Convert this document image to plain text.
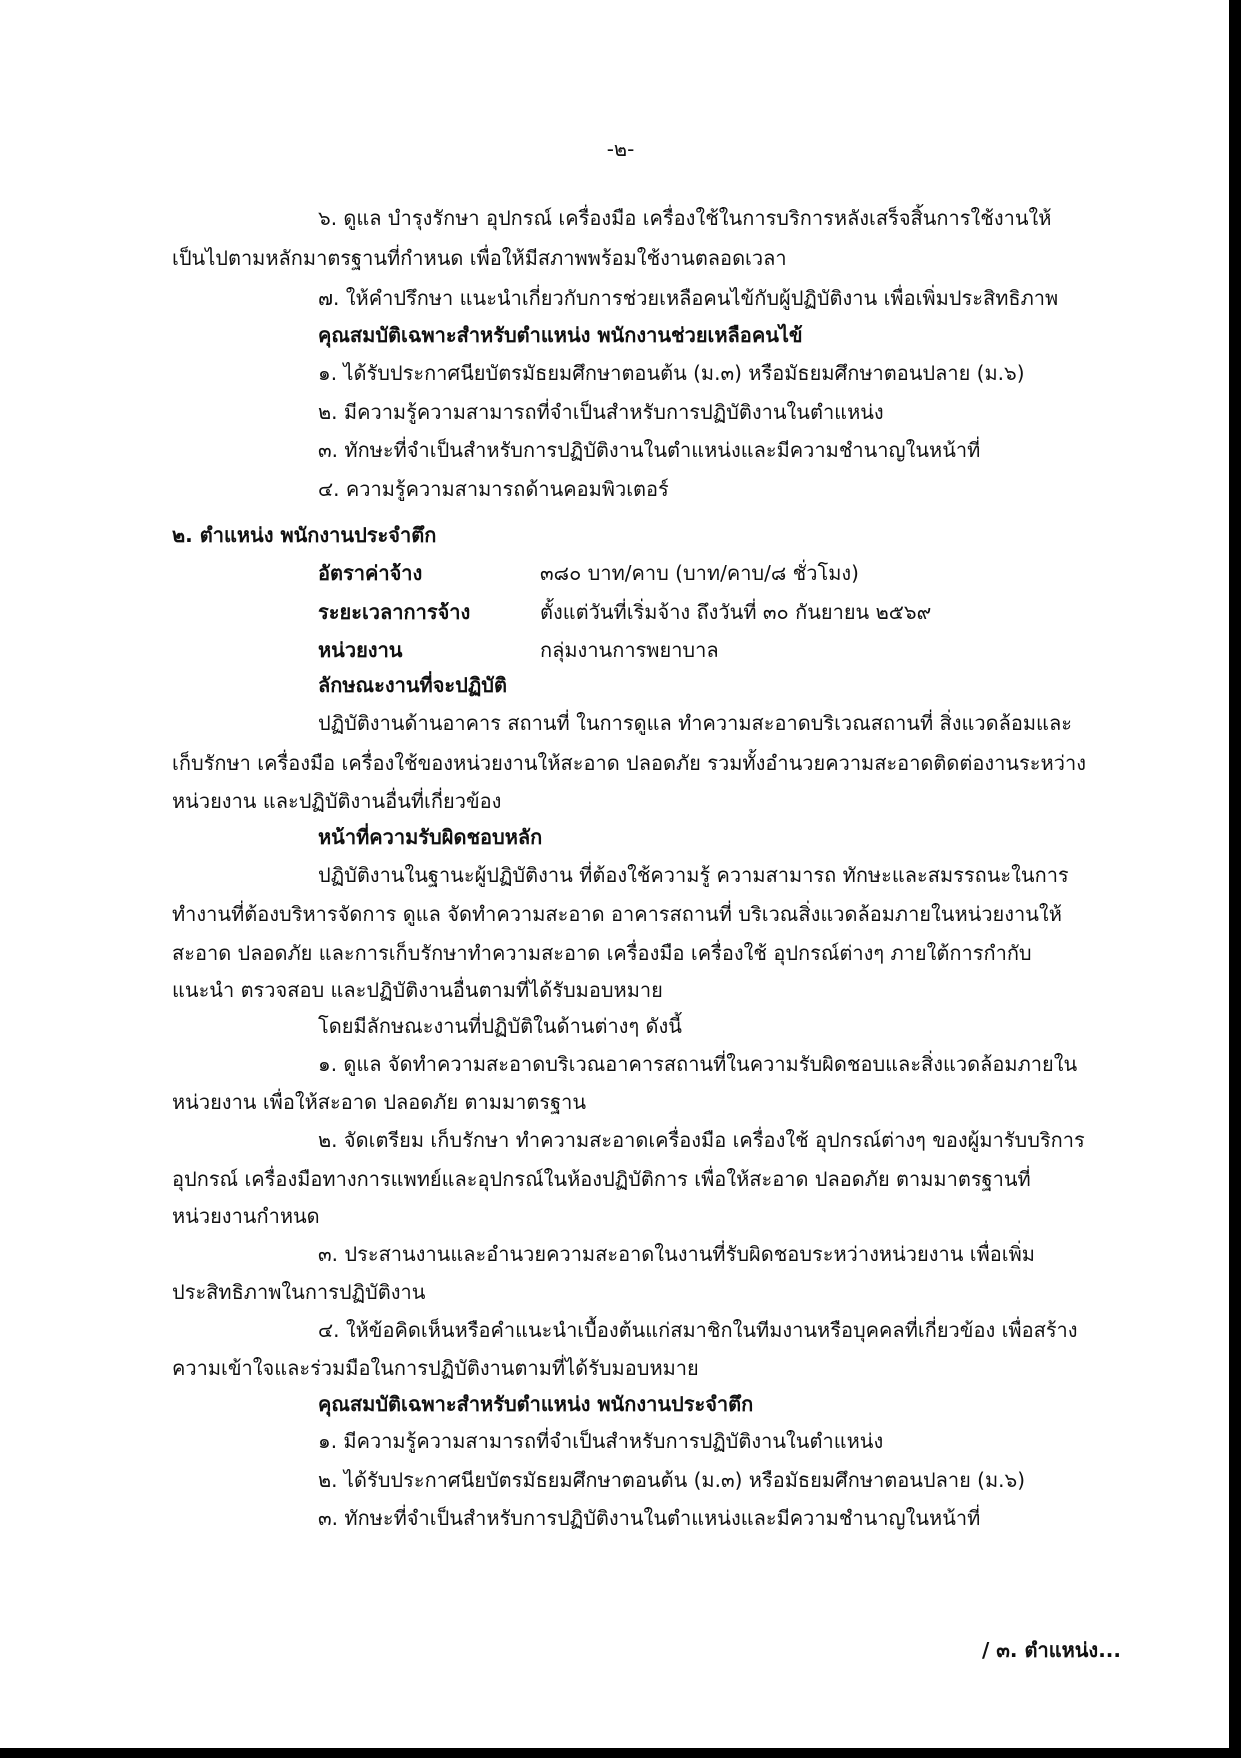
-๒-
๖. ดูแล บำรุงรักษา อุปกรณ์ เครื่องมือ เครื่องใช้ในการบริการหลังเสร็จสิ้นการใช้งานให้
เป็นไปตามหลักมาตรฐานที่กำหนด เพื่อให้มีสภาพพร้อมใช้งานตลอดเวลา
๗. ให้คำปรึกษา แนะนำเกี่ยวกับการช่วยเหลือคนไข้กับผู้ปฏิบัติงาน เพื่อเพิ่มประสิทธิภาพ
คุณสมบัติเฉพาะสำหรับตำแหน่ง พนักงานช่วยเหลือคนไข้
๑. ได้รับประกาศนียบัตรมัธยมศึกษาตอนต้น (ม.๓) หรือมัธยมศึกษาตอนปลาย (ม.๖)
๒. มีความรู้ความสามารถที่จำเป็นสำหรับการปฏิบัติงานในตำแหน่ง
๓. ทักษะที่จำเป็นสำหรับการปฏิบัติงานในตำแหน่งและมีความชำนาญในหน้าที่
๔. ความรู้ความสามารถด้านคอมพิวเตอร์
๒. ตำแหน่ง พนักงานประจำตึก
อัตราค่าจ้าง	๓๘๐ บาท/คาบ (บาท/คาบ/๘ ชั่วโมง)
ระยะเวลาการจ้าง	ตั้งแต่วันที่เริ่มจ้าง ถึงวันที่ ๓๐ กันยายน ๒๕๖๙
หน่วยงาน	กลุ่มงานการพยาบาล
ลักษณะงานที่จะปฏิบัติ
ปฏิบัติงานด้านอาคาร สถานที่ ในการดูแล ทำความสะอาดบริเวณสถานที่ สิ่งแวดล้อมและ
เก็บรักษา เครื่องมือ เครื่องใช้ของหน่วยงานให้สะอาด ปลอดภัย รวมทั้งอำนวยความสะอาดติดต่องานระหว่าง
หน่วยงาน และปฏิบัติงานอื่นที่เกี่ยวข้อง
หน้าที่ความรับผิดชอบหลัก
ปฏิบัติงานในฐานะผู้ปฏิบัติงาน ที่ต้องใช้ความรู้ ความสามารถ ทักษะและสมรรถนะในการ
ทำงานที่ต้องบริหารจัดการ ดูแล จัดทำความสะอาด อาคารสถานที่ บริเวณสิ่งแวดล้อมภายในหน่วยงานให้
สะอาด ปลอดภัย และการเก็บรักษาทำความสะอาด เครื่องมือ เครื่องใช้ อุปกรณ์ต่างๆ ภายใต้การกำกับ
แนะนำ ตรวจสอบ และปฏิบัติงานอื่นตามที่ได้รับมอบหมาย
โดยมีลักษณะงานที่ปฏิบัติในด้านต่างๆ ดังนี้
๑. ดูแล จัดทำความสะอาดบริเวณอาคารสถานที่ในความรับผิดชอบและสิ่งแวดล้อมภายใน
หน่วยงาน เพื่อให้สะอาด ปลอดภัย ตามมาตรฐาน
๒. จัดเตรียม เก็บรักษา ทำความสะอาดเครื่องมือ เครื่องใช้ อุปกรณ์ต่างๆ ของผู้มารับบริการ
อุปกรณ์ เครื่องมือทางการแพทย์และอุปกรณ์ในห้องปฏิบัติการ เพื่อให้สะอาด ปลอดภัย ตามมาตรฐานที่
หน่วยงานกำหนด
๓. ประสานงานและอำนวยความสะอาดในงานที่รับผิดชอบระหว่างหน่วยงาน เพื่อเพิ่ม
ประสิทธิภาพในการปฏิบัติงาน
๔. ให้ข้อคิดเห็นหรือคำแนะนำเบื้องต้นแก่สมาชิกในทีมงานหรือบุคคลที่เกี่ยวข้อง เพื่อสร้าง
ความเข้าใจและร่วมมือในการปฏิบัติงานตามที่ได้รับมอบหมาย
คุณสมบัติเฉพาะสำหรับตำแหน่ง พนักงานประจำตึก
๑. มีความรู้ความสามารถที่จำเป็นสำหรับการปฏิบัติงานในตำแหน่ง
๒. ได้รับประกาศนียบัตรมัธยมศึกษาตอนต้น (ม.๓) หรือมัธยมศึกษาตอนปลาย (ม.๖)
๓. ทักษะที่จำเป็นสำหรับการปฏิบัติงานในตำแหน่งและมีความชำนาญในหน้าที่
/ ๓. ตำแหน่ง...
